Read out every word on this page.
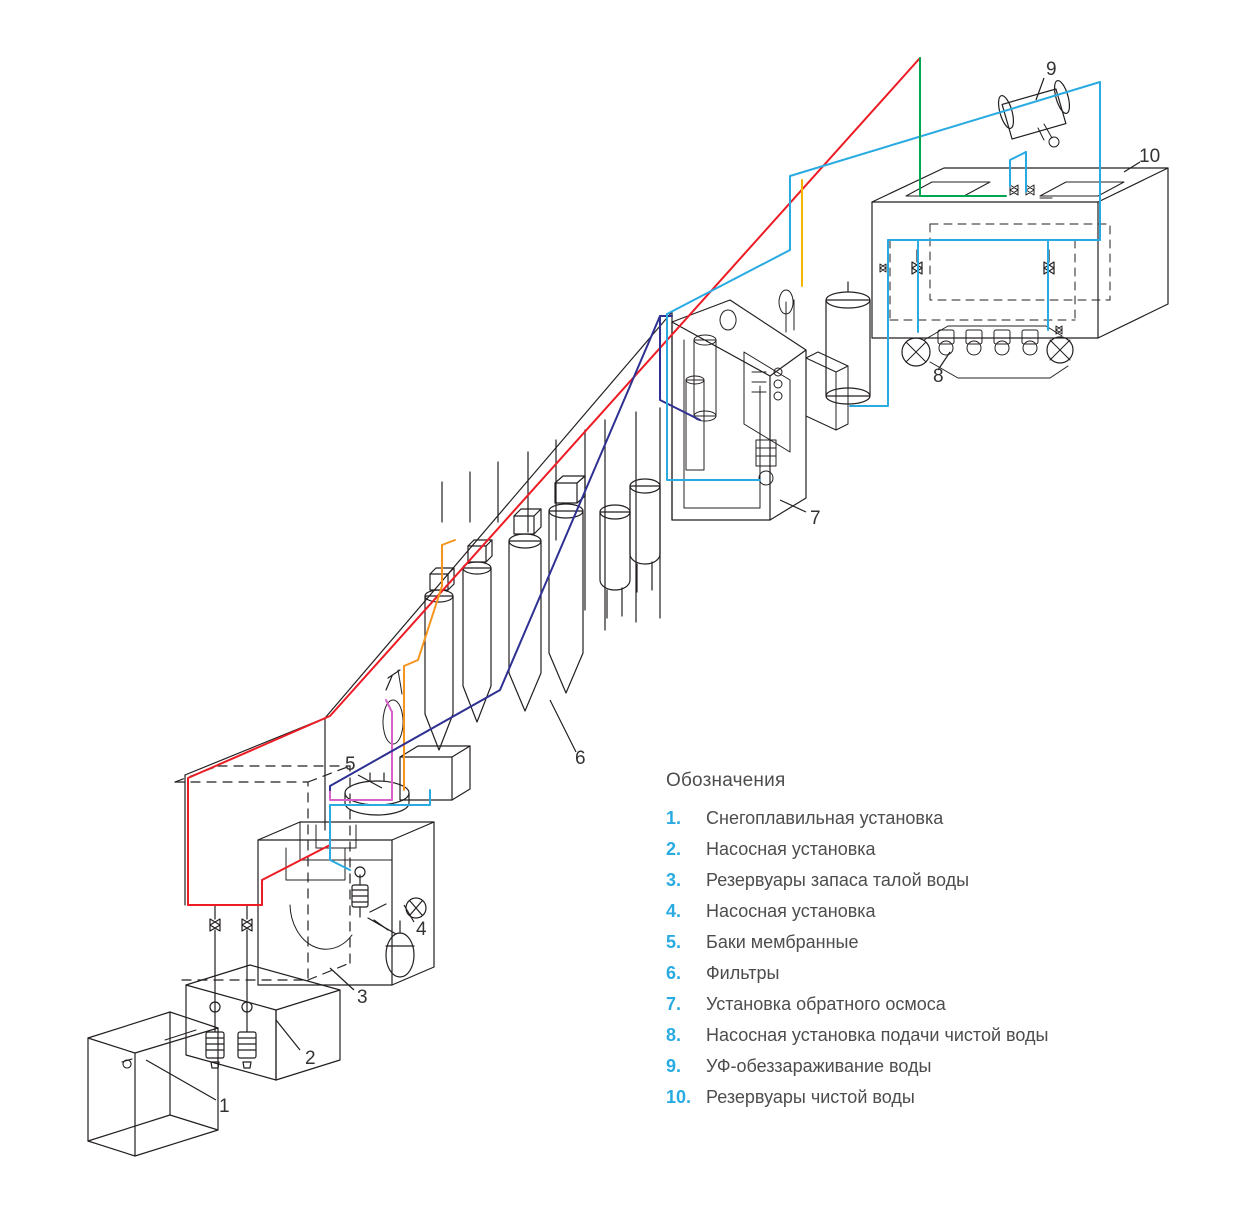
1
2
3
4
5	6
7
8
9
10
Обозначения
1.	Снегоплавильная установка
2.	Насосная установка
3.	Резервуары запаса талой воды
4.	Насосная установка
5.	Баки мембранные
6.	Фильтры
7.	Установка обратного осмоса
8.	Насосная установка подачи чистой воды
9.	УФ-обеззараживание воды
10. Резервуары чистой воды
